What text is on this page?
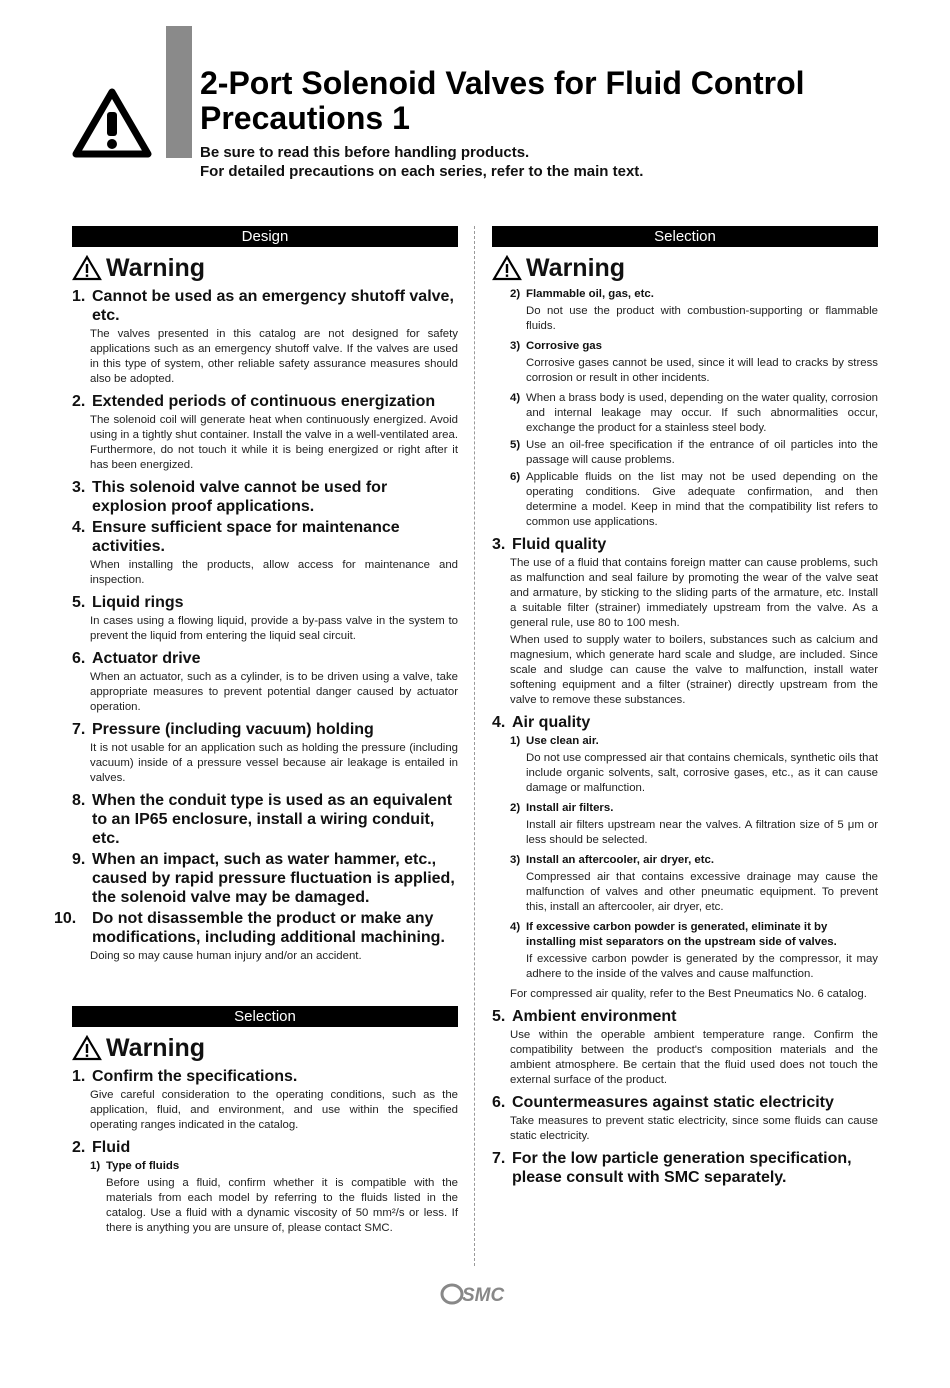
2-Port Solenoid Valves for Fluid Control
Precautions 1
Be sure to read this before handling products.
For detailed precautions on each series, refer to the main text.
Design
Warning
1. Cannot be used as an emergency shutoff valve, etc.

The valves presented in this catalog are not designed for safety applications such as an emergency shutoff valve. If the valves are used in this type of system, other reliable safety assurance measures should also be adopted.

2. Extended periods of continuous energization

The solenoid coil will generate heat when continuously energized. Avoid using in a tightly shut container. Install the valve in a well-ventilated area. Furthermore, do not touch it while it is being energized or right after it has been energized.

3. This solenoid valve cannot be used for explosion proof applications.
4. Ensure sufficient space for maintenance activities.

When installing the products, allow access for maintenance and inspection.

5. Liquid rings

In cases using a flowing liquid, provide a by-pass valve in the system to prevent the liquid from entering the liquid seal circuit.

6. Actuator drive

When an actuator, such as a cylinder, is to be driven using a valve, take appropriate measures to prevent potential danger caused by actuator operation.

7. Pressure (including vacuum) holding

It is not usable for an application such as holding the pressure (including vacuum) inside of a pressure vessel because air leakage is entailed in valves.

8. When the conduit type is used as an equivalent to an IP65 enclosure, install a wiring conduit, etc.
9. When an impact, such as water hammer, etc., caused by rapid pressure fluctuation is applied, the solenoid valve may be damaged.
10. Do not disassemble the product or make any modifications, including additional machining.

Doing so may cause human injury and/or an accident.

Selection
Warning
1. Confirm the specifications.

Give careful consideration to the operating conditions, such as the application, fluid, and environment, and use within the specified operating ranges indicated in the catalog.

2. Fluid
1) Type of fluids

Before using a fluid, confirm whether it is compatible with the materials from each model by referring to the fluids listed in the catalog. Use a fluid with a dynamic viscosity of 50 mm²/s or less. If there is anything you are unsure of, please contact SMC.

Selection
Warning
2) Flammable oil, gas, etc.

Do not use the product with combustion-supporting or flammable fluids.

3) Corrosive gas

Corrosive gases cannot be used, since it will lead to cracks by stress corrosion or result in other incidents.

4) When a brass body is used, depending on the water quality, corrosion and internal leakage may occur. If such abnormalities occur, exchange the product for a stainless steel body.
5) Use an oil-free specification if the entrance of oil particles into the passage will cause problems.
6) Applicable fluids on the list may not be used depending on the operating conditions. Give adequate confirmation, and then determine a model. Keep in mind that the compatibility list refers to common use applications.
3. Fluid quality

The use of a fluid that contains foreign matter can cause problems, such as malfunction and seal failure by promoting the wear of the valve seat and armature, by sticking to the sliding parts of the armature, etc. Install a suitable filter (strainer) immediately upstream from the valve. As a general rule, use 80 to 100 mesh.

When used to supply water to boilers, substances such as calcium and magnesium, which generate hard scale and sludge, are included. Since scale and sludge can cause the valve to malfunction, install water softening equipment and a filter (strainer) directly upstream from the valve to remove these substances.

4. Air quality
1) Use clean air.

Do not use compressed air that contains chemicals, synthetic oils that include organic solvents, salt, corrosive gases, etc., as it can cause damage or malfunction.

2) Install air filters.

Install air filters upstream near the valves. A filtration size of 5 μm or less should be selected.

3) Install an aftercooler, air dryer, etc.

Compressed air that contains excessive drainage may cause the malfunction of valves and other pneumatic equipment. To prevent this, install an aftercooler, air dryer, etc.

4) If excessive carbon powder is generated, eliminate it by installing mist separators on the upstream side of valves.

If excessive carbon powder is generated by the compressor, it may adhere to the inside of the valves and cause malfunction.

For compressed air quality, refer to the Best Pneumatics No. 6 catalog.

5. Ambient environment

Use within the operable ambient temperature range. Confirm the compatibility between the product's composition materials and the ambient atmosphere. Be certain that the fluid used does not touch the external surface of the product.

6. Countermeasures against static electricity

Take measures to prevent static electricity, since some fluids can cause static electricity.

7. For the low particle generation specification, please consult with SMC separately.
SMC
